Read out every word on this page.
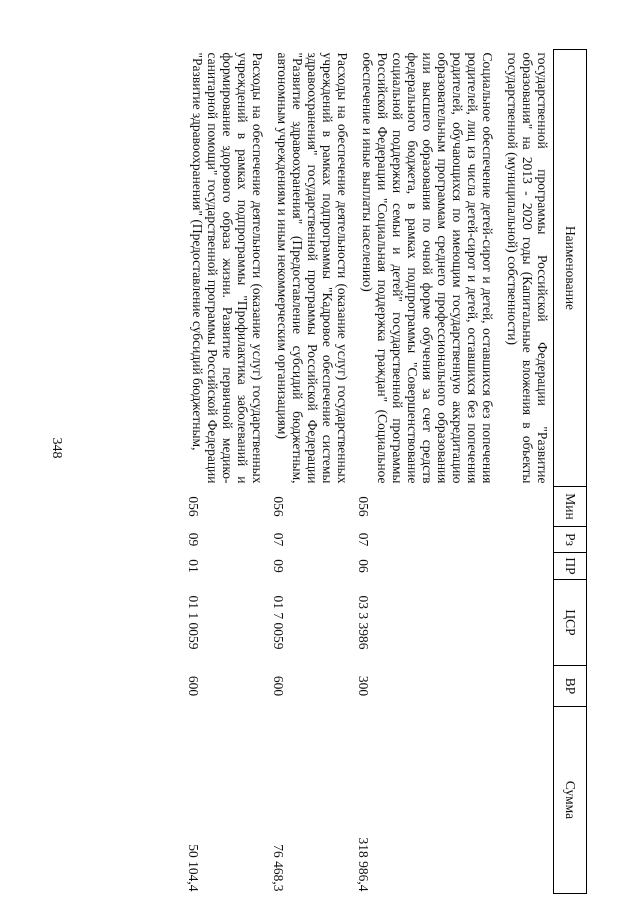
348
Наименование	Мин	Рз	ПР	ЦСР	ВР	Сумма
государственной программы Российской Федерации "Развитие образования" на 2013 - 2020 годы (Капитальные вложения в объекты государственной (муниципальной) собственности)						
Социальное обеспечение детей-сирот и детей, оставшихся без попечения родителей, лиц из числа детей-сирот и детей, оставшихся без попечения родителей, обучающихся по имеющим государственную аккредитацию образовательным программам среднего профессионального образования или высшего образования по очной форме обучения за счет средств федерального бюджета, в рамках подпрограммы "Совершенствование социальной поддержки семьи и детей" государственной программы Российской Федерации "Социальная поддержка граждан" (Социальное обеспечение и иные выплаты населению)	056	07	06	03 3 3986	300	318 986,4
Расходы на обеспечение деятельности (оказание услуг) государственных учреждений в рамках подпрограммы "Кадровое обеспечение системы здравоохранения" государственной программы Российской Федерации "Развитие здравоохранения" (Предоставление субсидий бюджетным, автономным учреждениям и иным некоммерческим организациям)	056	07	09	01 7 0059	600	76 468,3
Расходы на обеспечение деятельности (оказание услуг) государственных учреждений в рамках подпрограммы "Профилактика заболеваний и формирование здорового образа жизни. Развитие первичной медико-санитарной помощи" государственной программы Российской Федерации "Развитие здравоохранения" (Предоставление субсидий бюджетным,	056	09	01	01 1 0059	600	50 104,4
